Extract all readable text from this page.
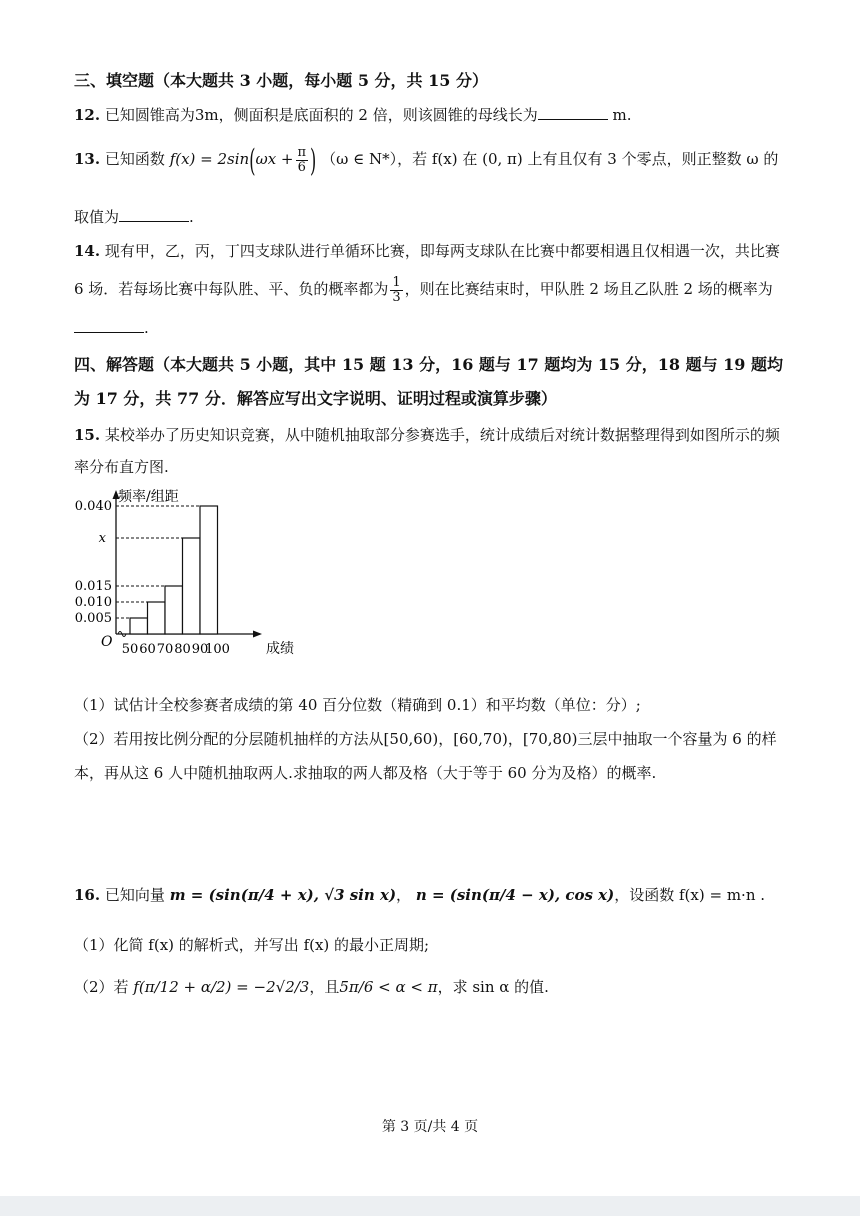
三、填空题（本大题共 3 小题，每小题 5 分，共 15 分）
12. 已知圆锥高为3m，侧面积是底面积的 2 倍，则该圆锥的母线长为	m.
13. 已知函数 $f(x) = 2\sin(\omega x + \frac{\pi}{6}$ ) （ω ∈ N*），若 f(x) 在 (0, π) 上有且仅有 3 个零点，则正整数 ω 的
取值为	.
14. 现有甲，乙，丙，丁四支球队进行单循环比赛，即每两支球队在比赛中都要相遇且仅相遇一次，共比赛
6 场．若每场比赛中每队胜、平、负的概率都为 $\frac{1}{3}$ ，则在比赛结束时，甲队胜 2 场且乙队胜 2 场的概率为
.
四、解答题（本大题共 5 小题，其中 15 题 13 分，16 题与 17 题均为 15 分，18 题与 19 题均
为 17 分，共 77 分．解答应写出文字说明、证明过程或演算步骤）
15. 某校举办了历史知识竞赛，从中随机抽取部分参赛选手，统计成绩后对统计数据整理得到如图所示的频
率分布直方图.
频率/组距
成绩
O
0.005
0.010
0.015
x
0.040
50 60 70 80 90
100
（1）试估计全校参赛者成绩的第 40 百分位数（精确到 0.1）和平均数（单位：分）;
（2）若用按比例分配的分层随机抽样的方法从[50,60)，[60,70)，[70,80)三层中抽取一个容量为 6 的样
本，再从这 6 人中随机抽取两人.求抽取的两人都及格（大于等于 60 分为及格）的概率.
16. 已知向量 m = (sin(π/4 + x), √3 sin x)， n = (sin(π/4 − x), cos x)，设函数 f(x) = m·n .
（1）化简 f(x) 的解析式，并写出 f(x) 的最小正周期;
（2）若 f(π/12 + α/2) = −2√2/3，且5π/6 < α < π，求 sin α 的值.
第 3 页/共 4 页
